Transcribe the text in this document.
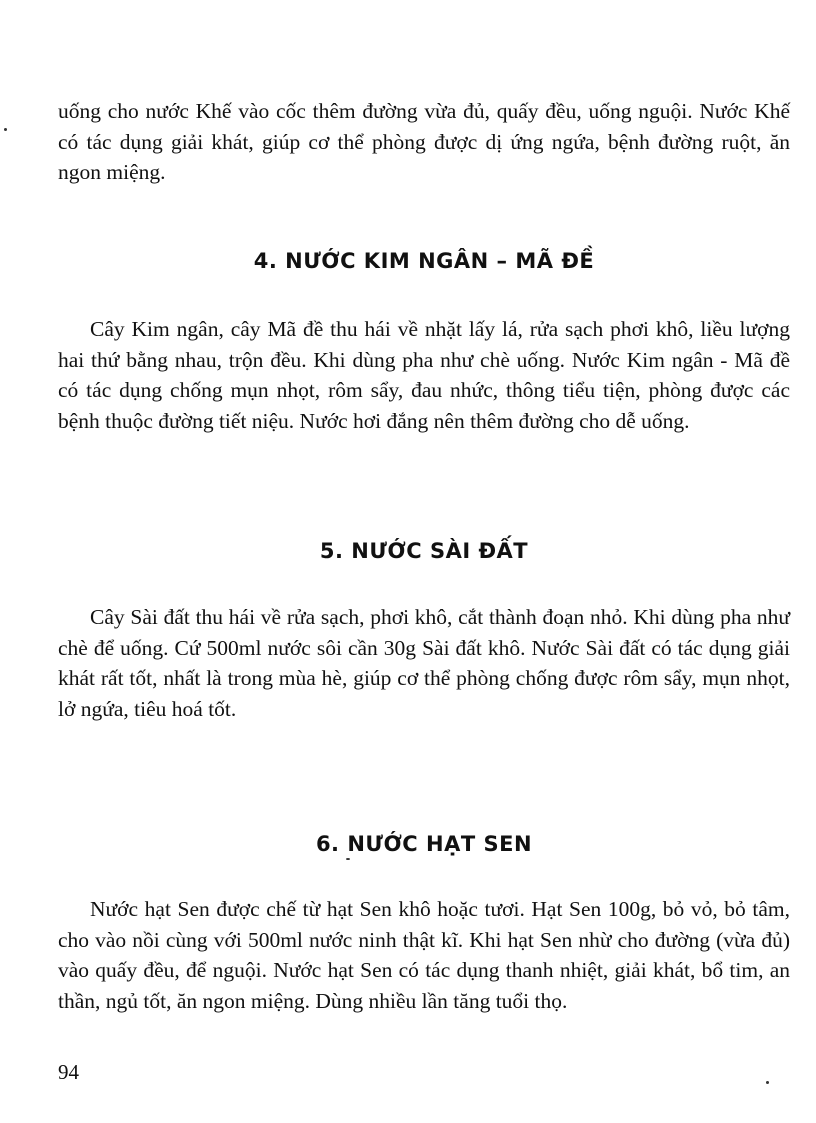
uống cho nước Khế vào cốc thêm đường vừa đủ, quấy đều, uống nguội. Nước Khế có tác dụng giải khát, giúp cơ thể phòng được dị ứng ngứa, bệnh đường ruột, ăn ngon miệng.

4. NƯỚC KIM NGÂN – MÃ ĐỀ

Cây Kim ngân, cây Mã đề thu hái về nhặt lấy lá, rửa sạch phơi khô, liều lượng hai thứ bằng nhau, trộn đều. Khi dùng pha như chè uống. Nước Kim ngân - Mã đề có tác dụng chống mụn nhọt, rôm sẩy, đau nhức, thông tiểu tiện, phòng được các bệnh thuộc đường tiết niệu. Nước hơi đắng nên thêm đường cho dễ uống.

5. NƯỚC SÀI ĐẤT

Cây Sài đất thu hái về rửa sạch, phơi khô, cắt thành đoạn nhỏ. Khi dùng pha như chè để uống. Cứ 500ml nước sôi cần 30g Sài đất khô. Nước Sài đất có tác dụng giải khát rất tốt, nhất là trong mùa hè, giúp cơ thể phòng chống được rôm sẩy, mụn nhọt, lở ngứa, tiêu hoá tốt.

6. NƯỚC HẠT SEN

Nước hạt Sen được chế từ hạt Sen khô hoặc tươi. Hạt Sen 100g, bỏ vỏ, bỏ tâm, cho vào nồi cùng với 500ml nước ninh thật kĩ. Khi hạt Sen nhừ cho đường (vừa đủ) vào quấy đều, để nguội. Nước hạt Sen có tác dụng thanh nhiệt, giải khát, bổ tim, an thần, ngủ tốt, ăn ngon miệng. Dùng nhiều lần tăng tuổi thọ.

94
